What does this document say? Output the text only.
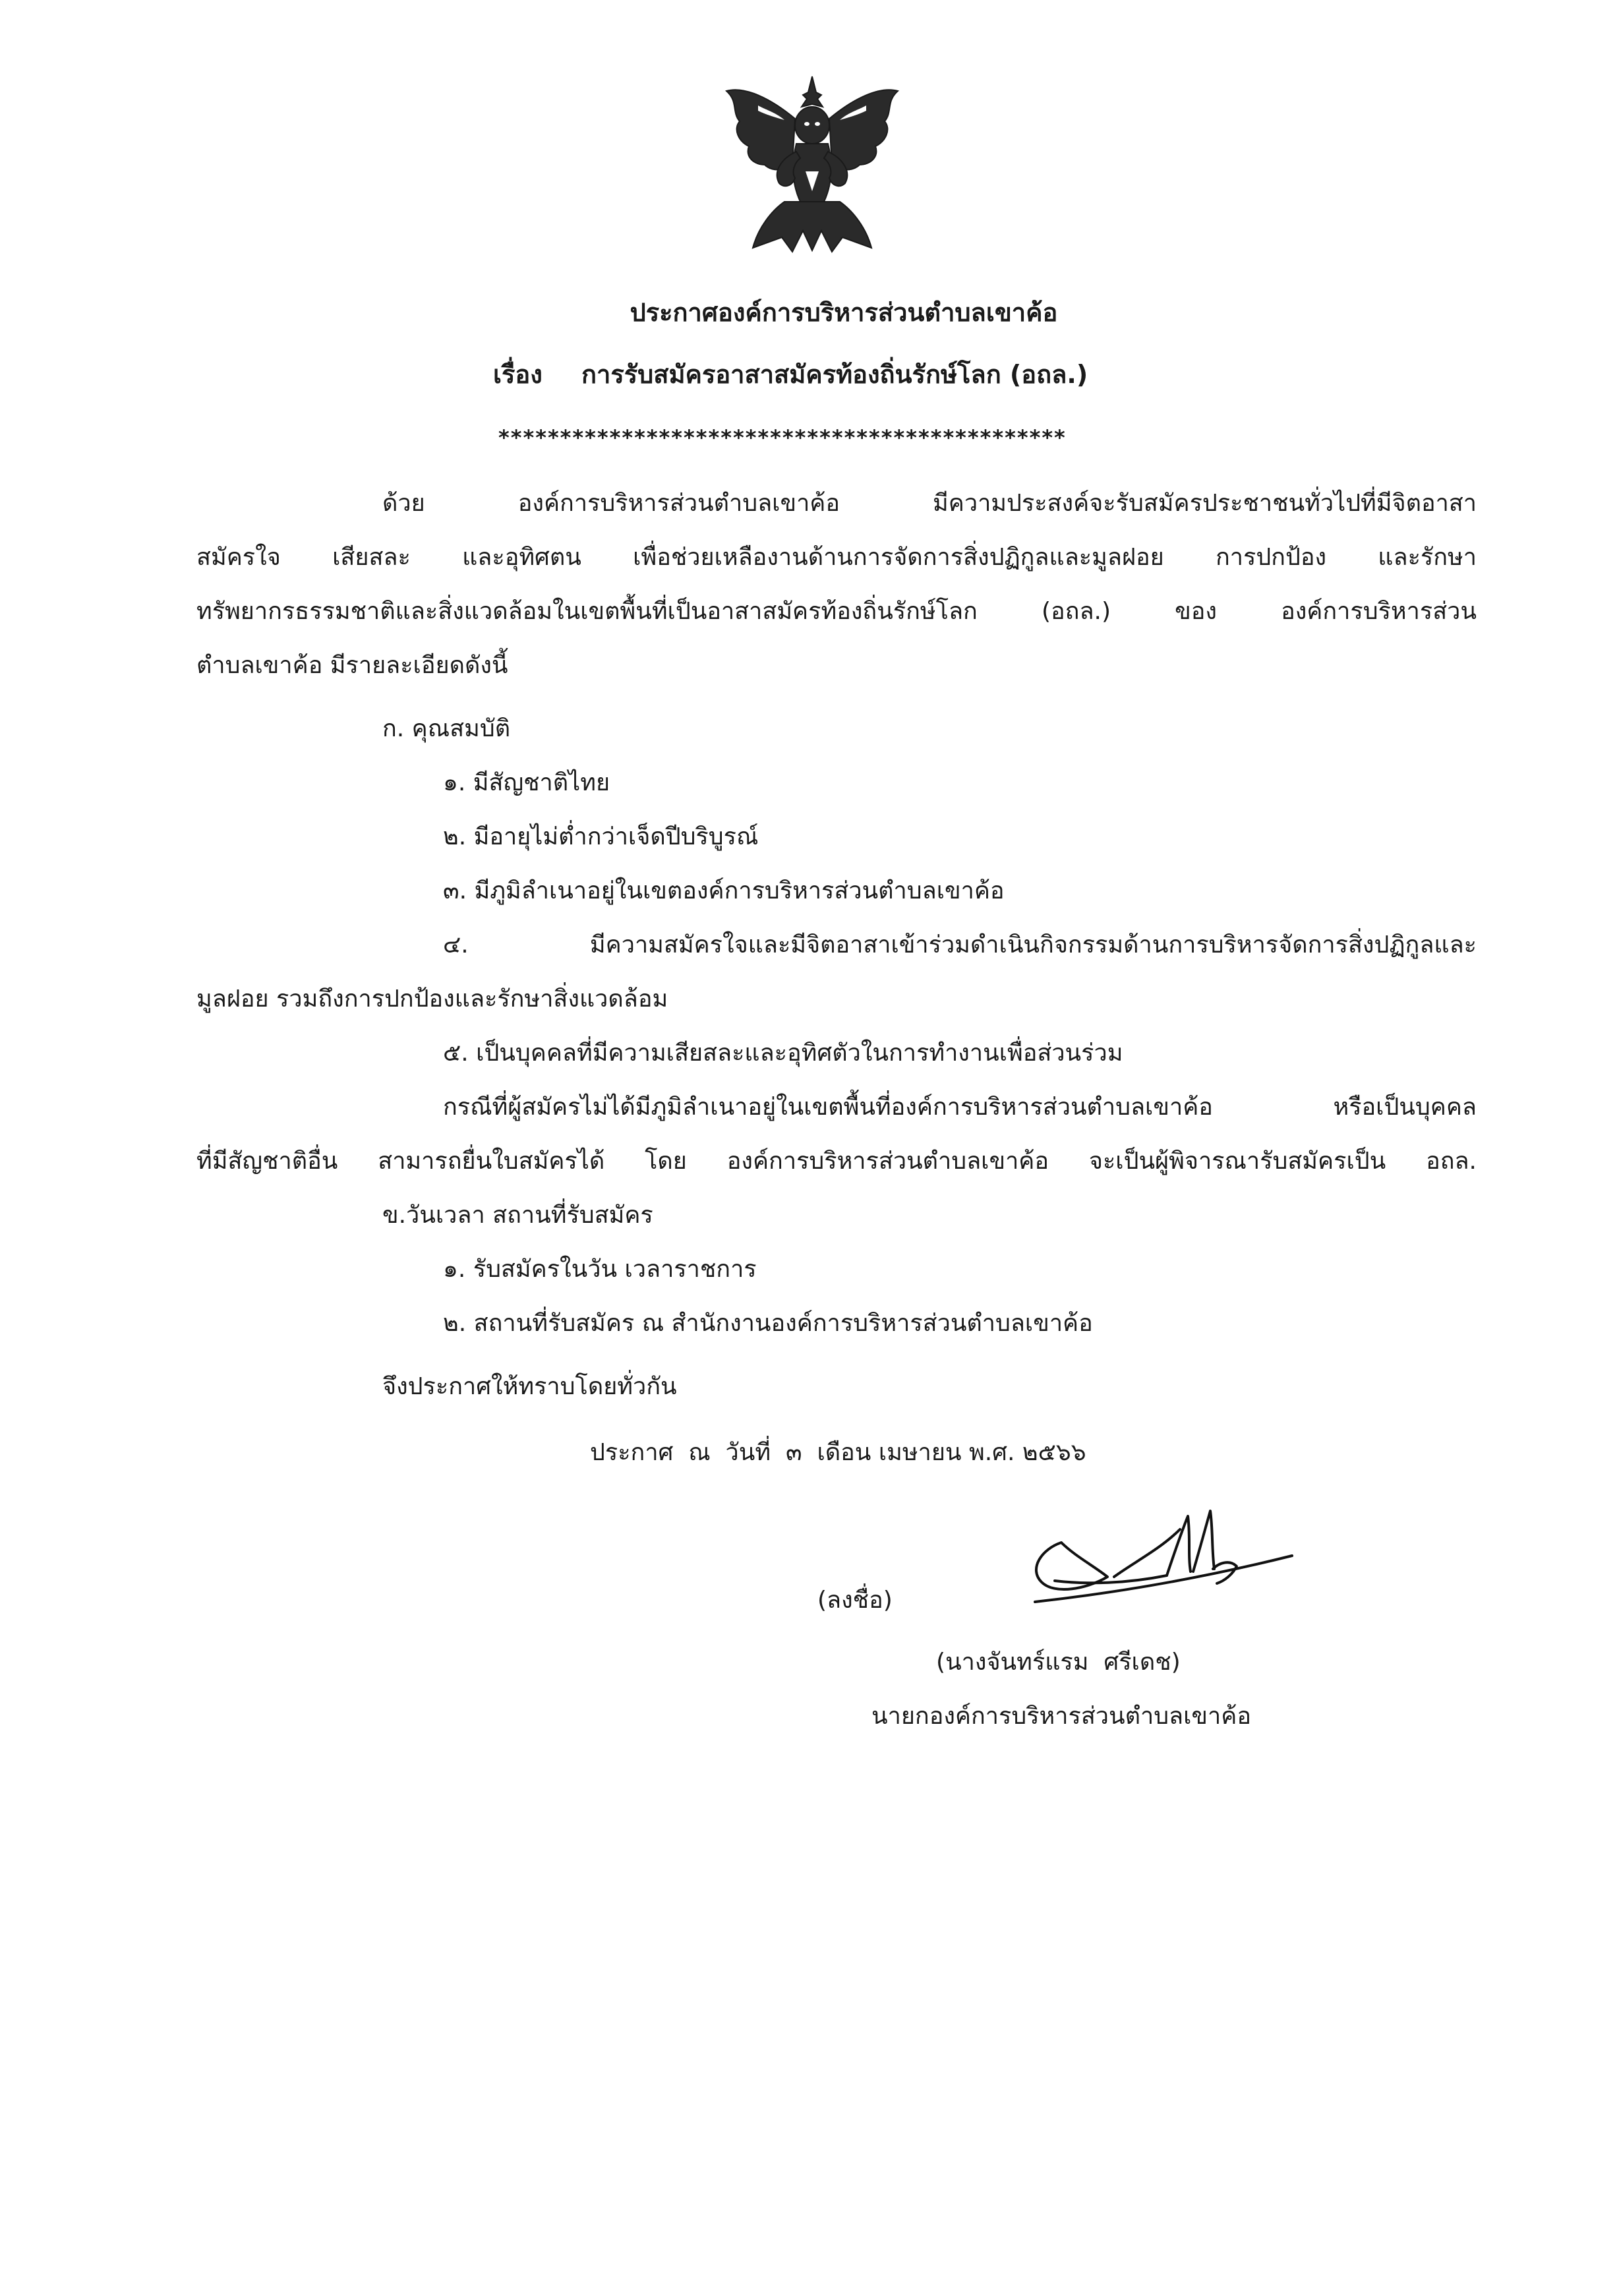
ประกาศองค์การบริหารส่วนตำบลเขาค้อ
เรื่อง การรับสมัครอาสาสมัครท้องถิ่นรักษ์โลก (อถล.)
**********************************************
ด้วย องค์การบริหารส่วนตำบลเขาค้อ มีความประสงค์จะรับสมัครประชาชนทั่วไปที่มีจิตอาสา
สมัครใจ เสียสละ และอุทิศตน เพื่อช่วยเหลืองานด้านการจัดการสิ่งปฏิกูลและมูลฝอย การปกป้อง และรักษา
ทรัพยากรธรรมชาติและสิ่งแวดล้อมในเขตพื้นที่เป็นอาสาสมัครท้องถิ่นรักษ์โลก (อถล.) ของ องค์การบริหารส่วน
ตำบลเขาค้อ มีรายละเอียดดังนี้
ก. คุณสมบัติ
๑. มีสัญชาติไทย
๒. มีอายุไม่ต่ำกว่าเจ็ดปีบริบูรณ์
๓. มีภูมิลำเนาอยู่ในเขตองค์การบริหารส่วนตำบลเขาค้อ
๔. มีความสมัครใจและมีจิตอาสาเข้าร่วมดำเนินกิจกรรมด้านการบริหารจัดการสิ่งปฏิกูลและ
มูลฝอย รวมถึงการปกป้องและรักษาสิ่งแวดล้อม
๕. เป็นบุคคลที่มีความเสียสละและอุทิศตัวในการทำงานเพื่อส่วนร่วม
กรณีที่ผู้สมัครไม่ได้มีภูมิลำเนาอยู่ในเขตพื้นที่องค์การบริหารส่วนตำบลเขาค้อ หรือเป็นบุคคล
ที่มีสัญชาติอื่น สามารถยื่นใบสมัครได้ โดย องค์การบริหารส่วนตำบลเขาค้อ จะเป็นผู้พิจารณารับสมัครเป็น อถล.
ข.วันเวลา สถานที่รับสมัคร
๑. รับสมัครในวัน เวลาราชการ
๒. สถานที่รับสมัคร ณ สำนักงานองค์การบริหารส่วนตำบลเขาค้อ
จึงประกาศให้ทราบโดยทั่วกัน
ประกาศ  ณ  วันที่  ๓  เดือน เมษายน พ.ศ. ๒๕๖๖
(ลงชื่อ)
(นางจันทร์แรม  ศรีเดช)
นายกองค์การบริหารส่วนตำบลเขาค้อ
